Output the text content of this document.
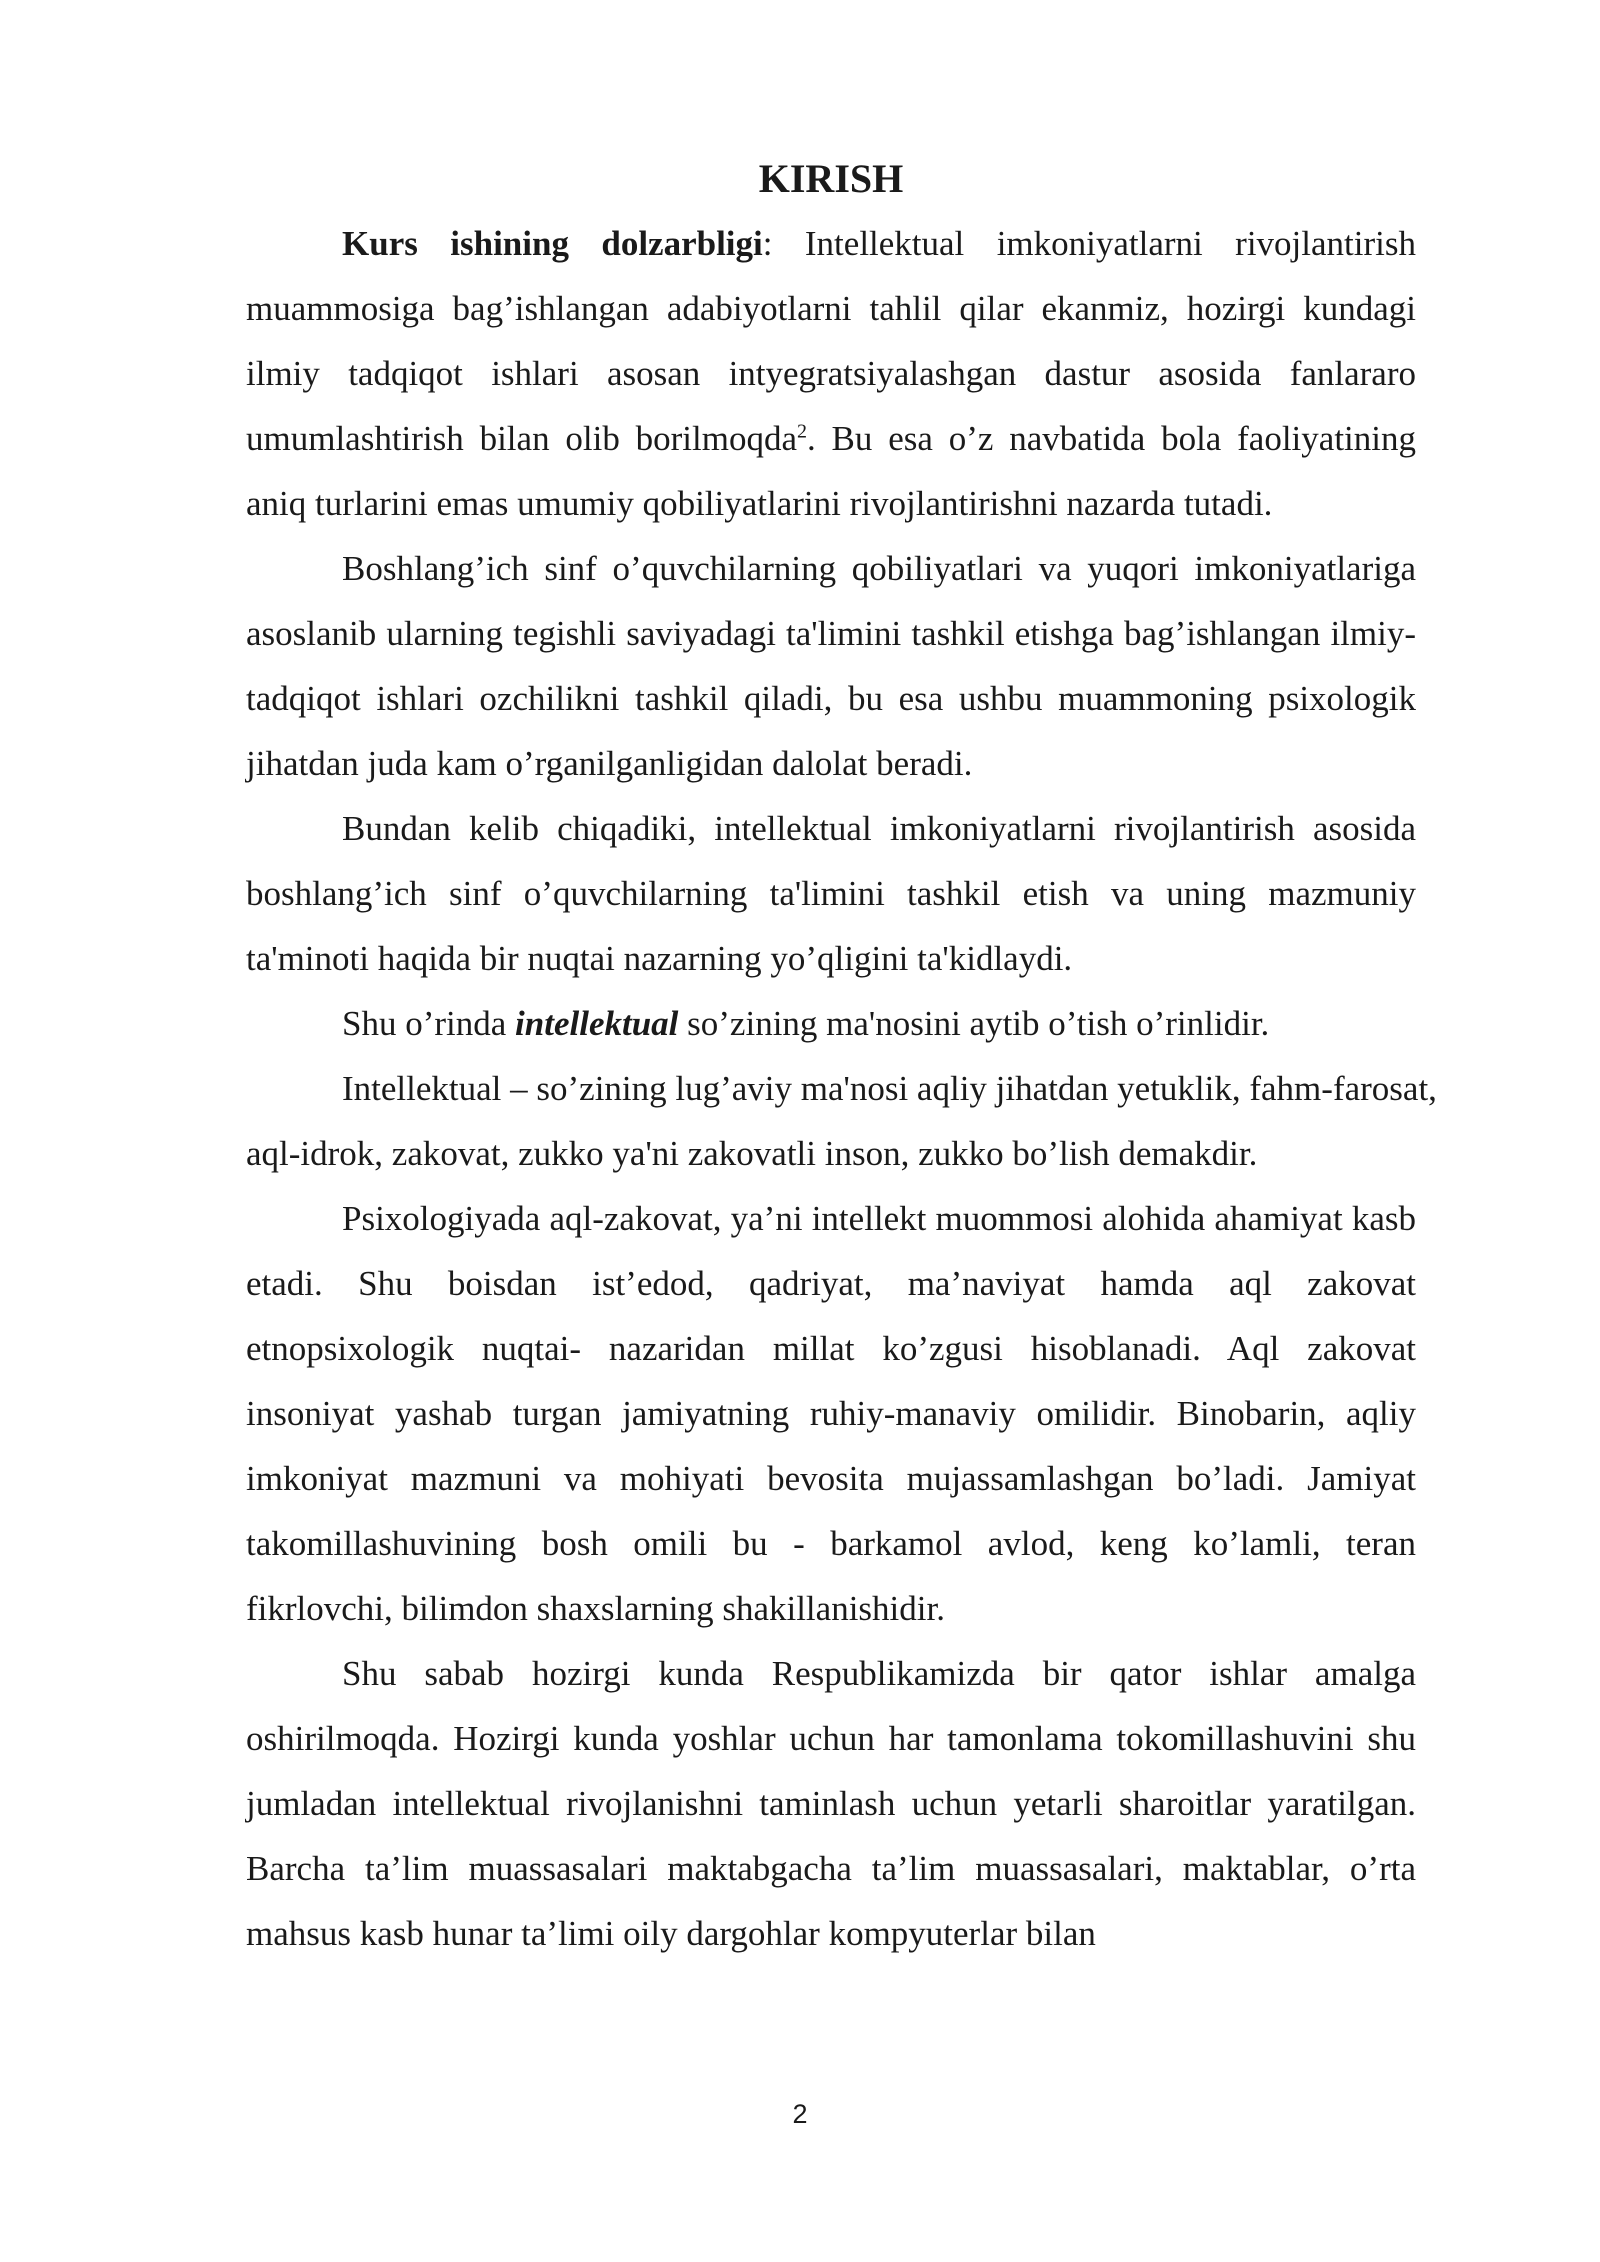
KIRISH

Kurs ishining dolzarbligi: Intellektual imkoniyatlarni rivojlantirish muammosiga bag’ishlangan adabiyotlarni tahlil qilar ekanmiz, hozirgi kundagi ilmiy tadqiqot ishlari asosan intyegratsiyalashgan dastur asosida fanlararo umumlashtirish bilan olib borilmoqda$^2$. Bu esa o’z navbatida bola faoliyatining aniq turlarini emas umumiy qobiliyatlarini rivojlantirishni nazarda tutadi.

Boshlang’ich sinf o’quvchilarning qobiliyatlari va yuqori imkoniyatlariga asoslanib ularning tegishli saviyadagi ta'limini tashkil etishga bag’ishlangan ilmiy- tadqiqot ishlari ozchilikni tashkil qiladi, bu esa ushbu muammoning psixologik jihatdan juda kam o’rganilganligidan dalolat beradi.

Bundan kelib chiqadiki, intellektual imkoniyatlarni rivojlantirish asosida boshlang’ich sinf o’quvchilarning ta'limini tashkil etish va uning mazmuniy ta'minoti haqida bir nuqtai nazarning yo’qligini ta'kidlaydi.

Shu o’rinda intellektual so’zining ma'nosini aytib o’tish o’rinlidir.

Intellektual – so’zining lug’aviy ma'nosi aqliy jihatdan yetuklik, fahm-farosat, aql-idrok, zakovat, zukko ya'ni zakovatli inson, zukko bo’lish demakdir.

Psixologiyada aql-zakovat, ya’ni intellekt muommosi alohida ahamiyat kasb etadi. Shu boisdan ist’edod, qadriyat, ma’naviyat hamda aql zakovat etnopsixologik nuqtai- nazaridan millat ko’zgusi hisoblanadi. Aql zakovat insoniyat yashab turgan jamiyatning ruhiy-manaviy omilidir. Binobarin, aqliy imkoniyat mazmuni va mohiyati bevosita mujassamlashgan bo’ladi. Jamiyat takomillashuvining bosh omili bu - barkamol avlod, keng ko’lamli, teran fikrlovchi, bilimdon shaxslarning shakillanishidir.

Shu sabab hozirgi kunda Respublikamizda bir qator ishlar amalga oshirilmoqda. Hozirgi kunda yoshlar uchun har tamonlama tokomillashuvini shu jumladan intellektual rivojlanishni taminlash uchun yetarli sharoitlar yaratilgan. Barcha ta’lim muassasalari maktabgacha ta’lim muassasalari, maktablar, o’rta mahsus kasb hunar ta’limi oily dargohlar kompyuterlar bilan

2
